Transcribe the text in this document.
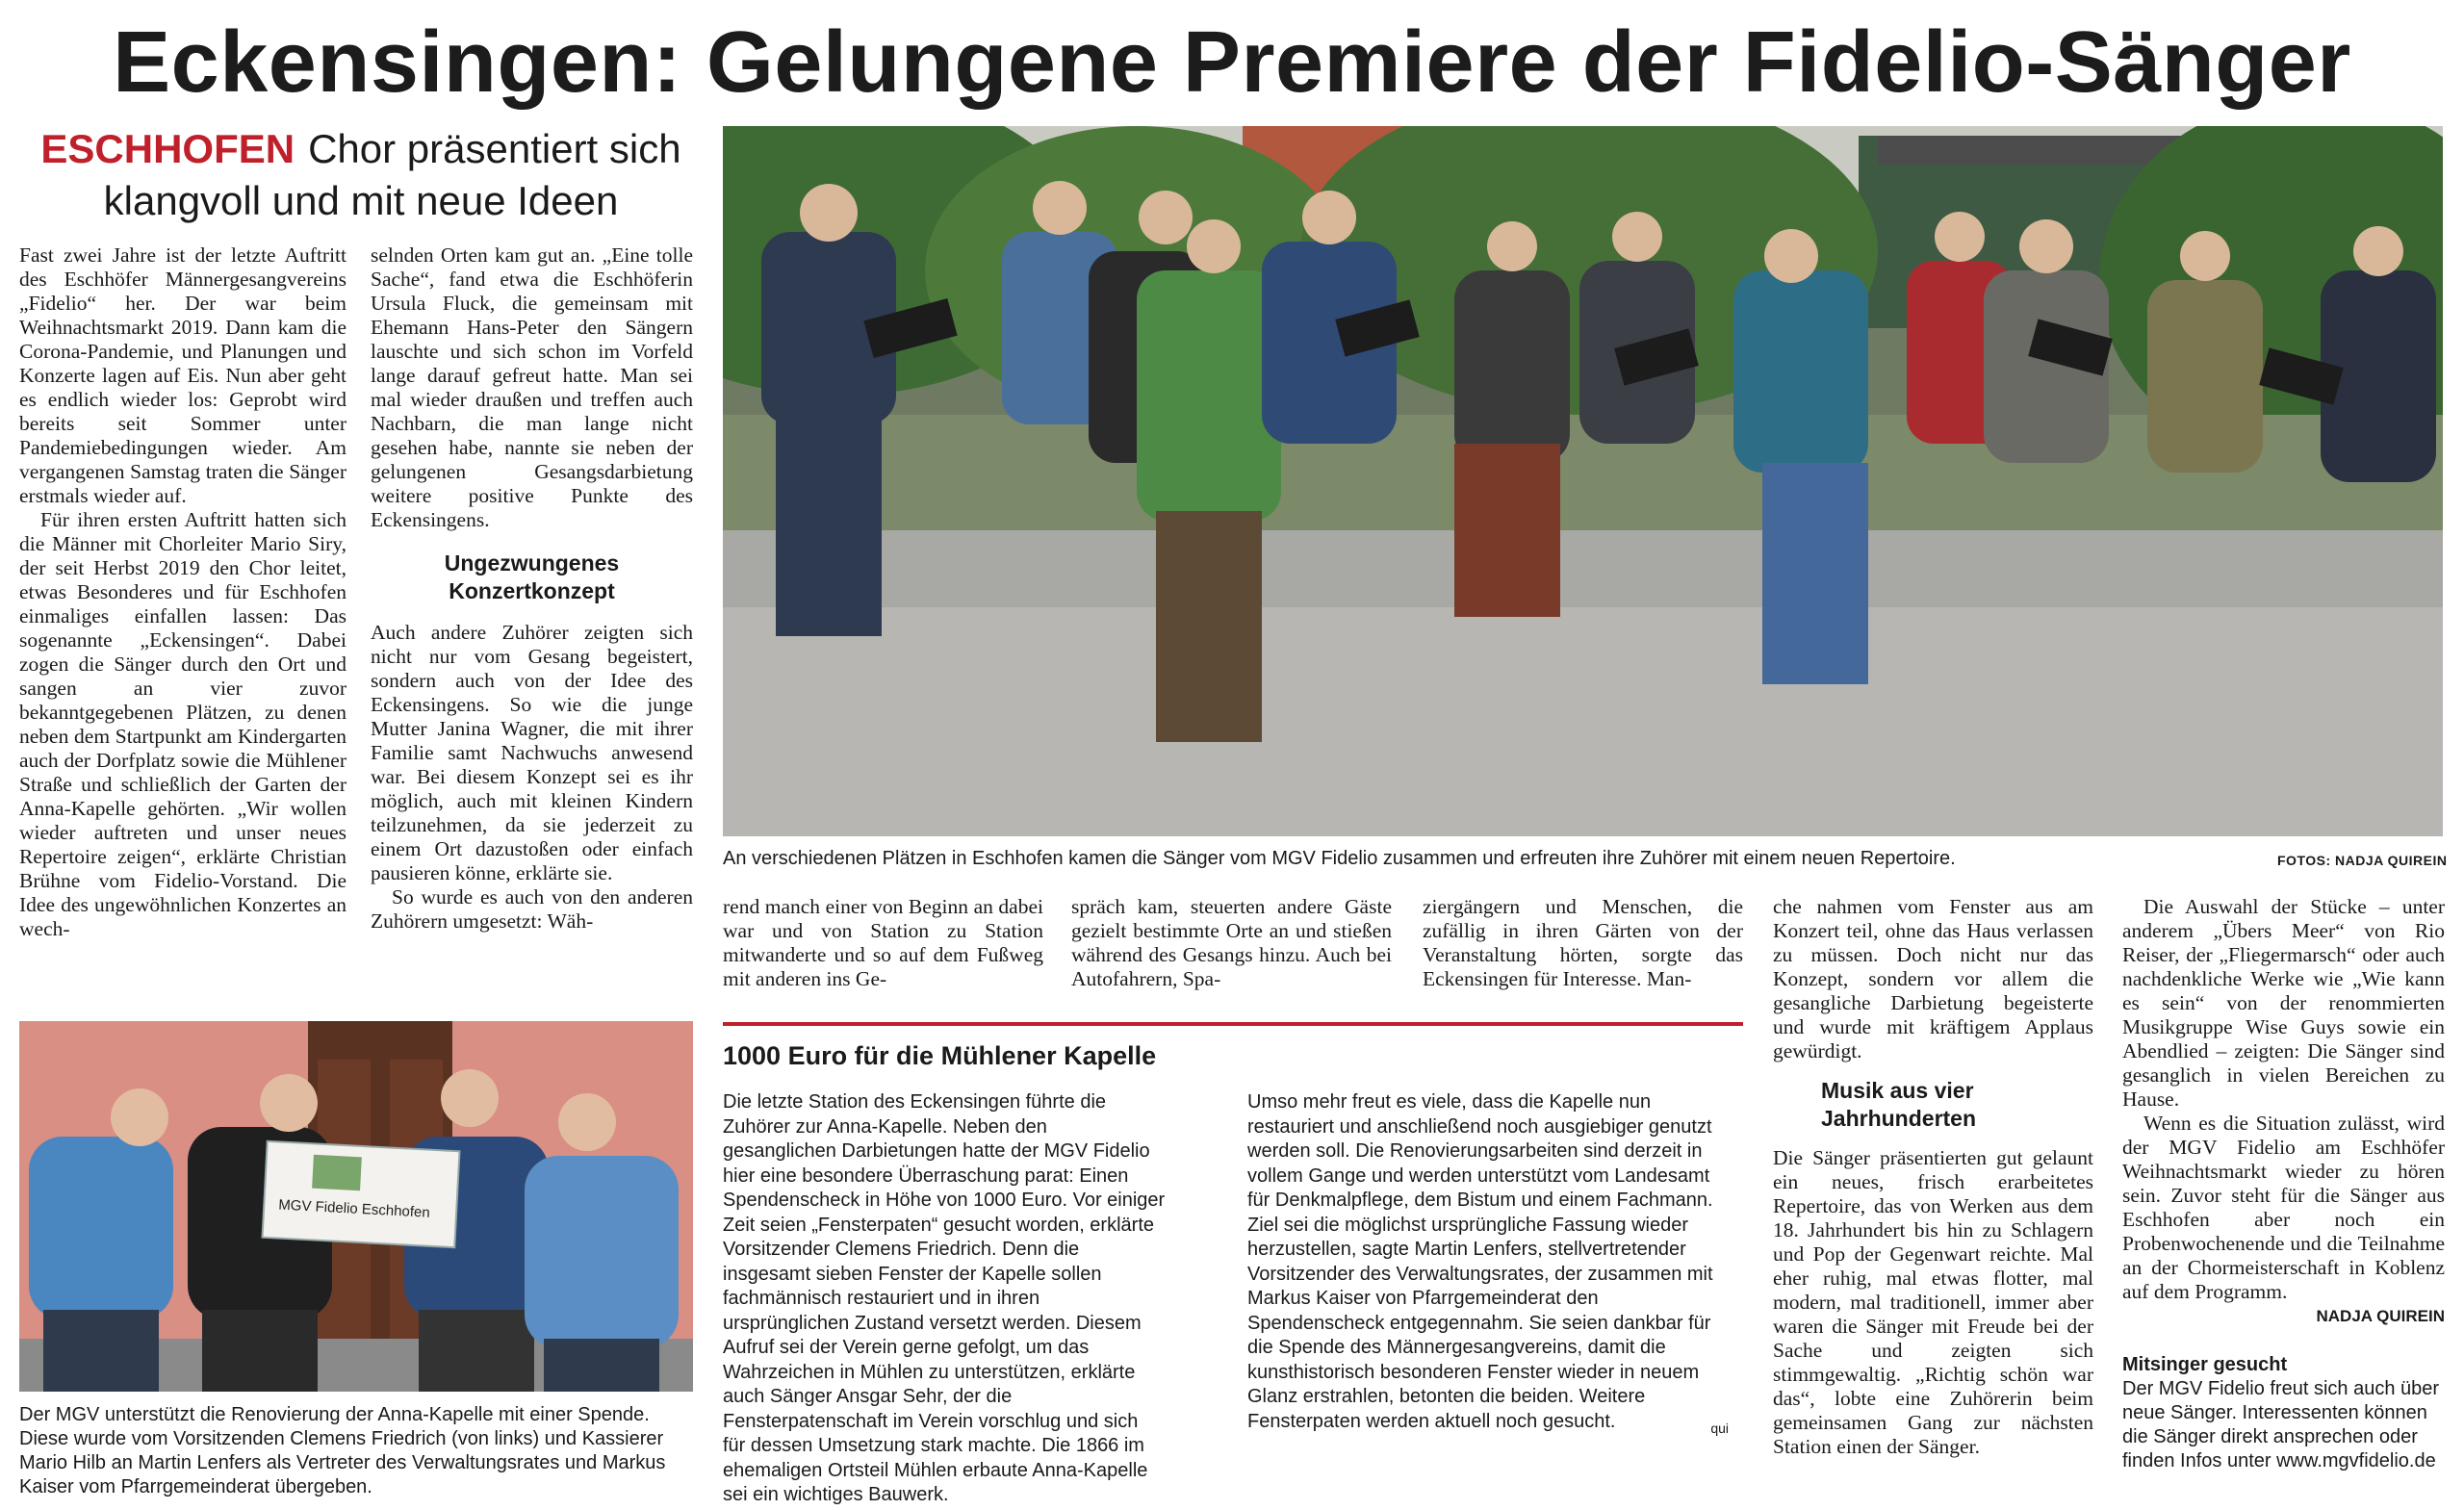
Eckensingen: Gelungene Premiere der Fidelio-Sänger
ESCHHOFEN Chor präsentiert sich klangvoll und mit neue Ideen

Fast zwei Jahre ist der letzte Auftritt des Eschhöfer Männergesangvereins „Fidelio“ her. Der war beim Weihnachtsmarkt 2019. Dann kam die Corona-Pandemie, und Planungen und Konzerte lagen auf Eis. Nun aber geht es endlich wieder los: Geprobt wird bereits seit Sommer unter Pandemiebedingungen wieder. Am vergangenen Samstag traten die Sänger erstmals wieder auf.

Für ihren ersten Auftritt hatten sich die Männer mit Chorleiter Mario Siry, der seit Herbst 2019 den Chor leitet, etwas Besonderes und für Eschhofen einmaliges einfallen lassen: Das sogenannte „Eckensingen“. Dabei zogen die Sänger durch den Ort und sangen an vier zuvor bekanntgegebenen Plätzen, zu denen neben dem Startpunkt am Kindergarten auch der Dorfplatz sowie die Mühlener Straße und schließlich der Garten der Anna-Kapelle gehörten. „Wir wollen wieder auftreten und unser neues Repertoire zeigen“, erklärte Christian Brühne vom Fidelio-Vorstand. Die Idee des ungewöhnlichen Konzertes an wech-

selnden Orten kam gut an. „Eine tolle Sache“, fand etwa die Eschhöferin Ursula Fluck, die gemeinsam mit Ehemann Hans-Peter den Sängern lauschte und sich schon im Vorfeld lange darauf gefreut hatte. Man sei mal wieder draußen und treffen auch Nachbarn, die man lange nicht gesehen habe, nannte sie neben der gelungenen Gesangsdarbietung weitere positive Punkte des Eckensingens.

Ungezwungenes Konzertkonzept

Auch andere Zuhörer zeigten sich nicht nur vom Gesang begeistert, sondern auch von der Idee des Eckensingens. So wie die junge Mutter Janina Wagner, die mit ihrer Familie samt Nachwuchs anwesend war. Bei diesem Konzept sei es ihr möglich, auch mit kleinen Kindern teilzunehmen, da sie jederzeit zu einem Ort dazustoßen oder einfach pausieren könne, erklärte sie.

So wurde es auch von den anderen Zuhörern umgesetzt: Wäh-

An verschiedenen Plätzen in Eschhofen kamen die Sänger vom MGV Fidelio zusammen und erfreuten ihre Zuhörer mit einem neuen Repertoire.	FOTOS: NADJA QUIREIN
rend manch einer von Beginn an dabei war und von Station zu Station mitwanderte und so auf dem Fußweg mit anderen ins Ge-
spräch kam, steuerten andere Gäste gezielt bestimmte Orte an und stießen während des Gesangs hinzu. Auch bei Autofahrern, Spa-
ziergängern und Menschen, die zufällig in ihren Gärten von der Veranstaltung hörten, sorgte das Eckensingen für Interesse. Man-

che nahmen vom Fenster aus am Konzert teil, ohne das Haus verlassen zu müssen. Doch nicht nur das Konzept, sondern vor allem die gesangliche Darbietung begeisterte und wurde mit kräftigem Applaus gewürdigt.

Musik aus vier Jahrhunderten

Die Sänger präsentierten gut gelaunt ein neues, frisch erarbeitetes Repertoire, das von Werken aus dem 18. Jahrhundert bis hin zu Schlagern und Pop der Gegenwart reichte. Mal eher ruhig, mal etwas flotter, mal modern, mal traditionell, immer aber waren die Sänger mit Freude bei der Sache und zeigten sich stimmgewaltig. „Richtig schön war das“, lobte eine Zuhörerin beim gemeinsamen Gang zur nächsten Station einen der Sänger.

Die Auswahl der Stücke – unter anderem „Übers Meer“ von Rio Reiser, der „Fliegermarsch“ oder auch nachdenkliche Werke wie „Wie kann es sein“ von der renommierten Musikgruppe Wise Guys sowie ein Abendlied – zeigten: Die Sänger sind gesanglich in vielen Bereichen zu Hause.

Wenn es die Situation zulässt, wird der MGV Fidelio am Eschhöfer Weihnachtsmarkt wieder zu hören sein. Zuvor steht für die Sänger aus Eschhofen aber noch ein Probenwochenende und die Teilnahme an der Chormeisterschaft in Koblenz auf dem Programm.

NADJA QUIREIN
Mitsinger gesucht
Der MGV Fidelio freut sich auch über neue Sänger. Interessenten können die Sänger direkt ansprechen oder finden Infos unter www.mgvfidelio.de
MGV Fidelio Eschhofen
Der MGV unterstützt die Renovierung der Anna-Kapelle mit einer Spende. Diese wurde vom Vorsitzenden Clemens Friedrich (von links) und Kassierer Mario Hilb an Martin Lenfers als Vertreter des Verwaltungsrates und Markus Kaiser vom Pfarrgemeinderat übergeben.
1000 Euro für die Mühlener Kapelle

Die letzte Station des Eckensingen führte die Zuhörer zur Anna-Kapelle. Neben den gesanglichen Darbietungen hatte der MGV Fidelio hier eine besondere Überraschung parat: Einen Spendenscheck in Höhe von 1000 Euro. Vor einiger Zeit seien „Fensterpaten“ gesucht worden, erklärte Vorsitzender Clemens Friedrich. Denn die insgesamt sieben Fenster der Kapelle sollen fachmännisch restauriert und in ihren ursprünglichen Zustand versetzt werden. Diesem Aufruf sei der Verein gerne gefolgt, um das Wahrzeichen in Mühlen zu unterstützen, erklärte auch Sänger Ansgar Sehr, der die Fensterpatenschaft im Verein vorschlug und sich für dessen Umsetzung stark machte. Die 1866 im ehemaligen Ortsteil Mühlen erbaute Anna-Kapelle sei ein wichtiges Bauwerk.

Umso mehr freut es viele, dass die Kapelle nun restauriert und anschließend noch ausgiebiger genutzt werden soll. Die Renovierungsarbeiten sind derzeit in vollem Gange und werden unterstützt vom Landesamt für Denkmalpflege, dem Bistum und einem Fachmann. Ziel sei die möglichst ursprüngliche Fassung wieder herzustellen, sagte Martin Lenfers, stellvertretender Vorsitzender des Verwaltungsrates, der zusammen mit Markus Kaiser von Pfarrgemeinderat den Spendenscheck entgegennahm. Sie seien dankbar für die Spende des Männergesangvereins, damit die kunsthistorisch besonderen Fenster wieder in neuem Glanz erstrahlen, betonten die beiden. Weitere Fensterpaten werden aktuell noch gesucht.	qui
